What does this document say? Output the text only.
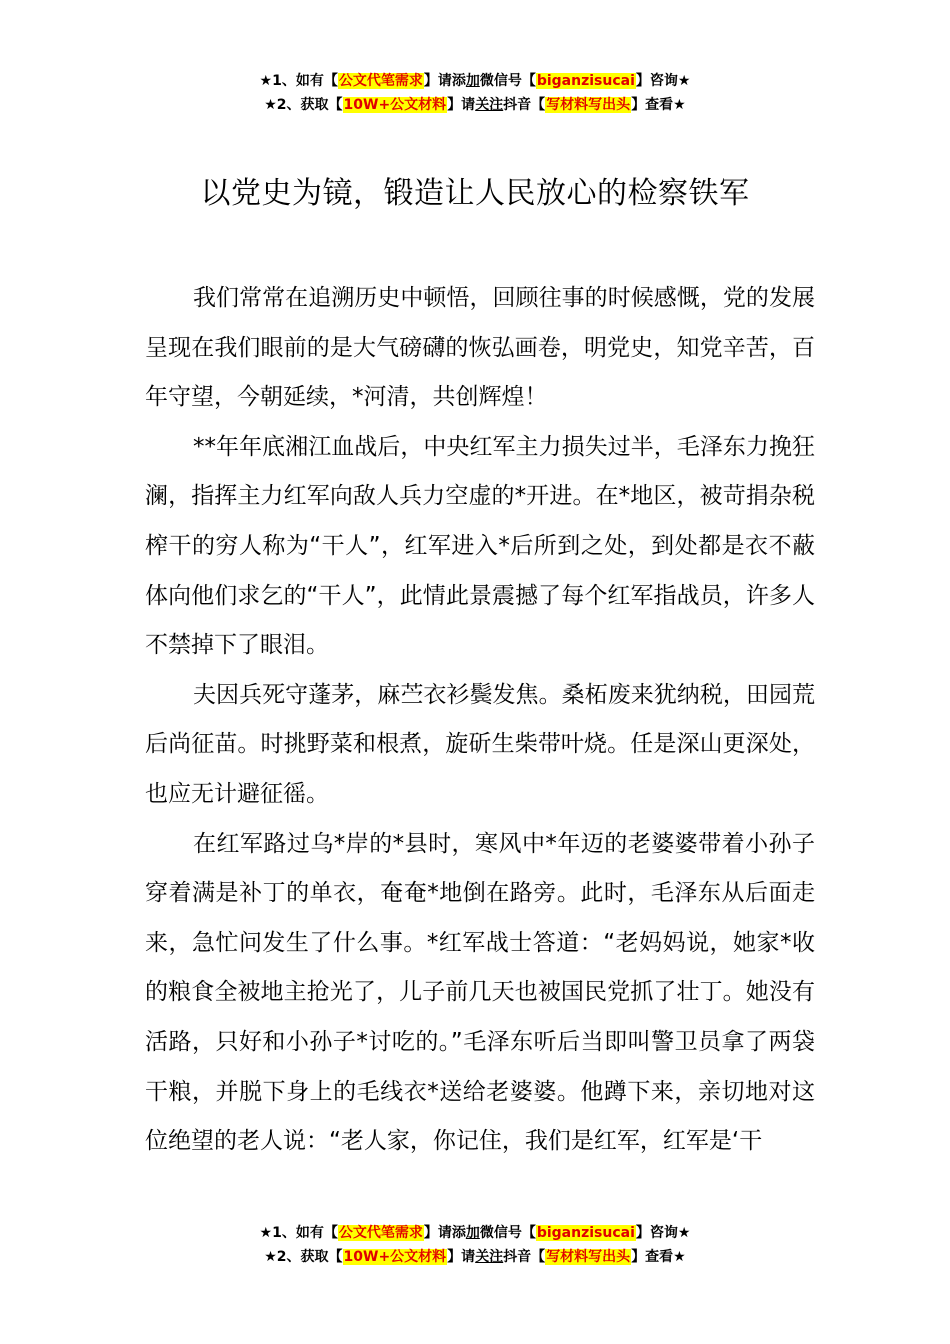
★1、如有【公文代笔需求】请添加微信号【biganzisucai】咨询★
★2、获取【10W+公文材料】请关注抖音【写材料写出头】查看★
以党史为镜，锻造让人民放心的检察铁军

我们常常在追溯历史中顿悟，回顾往事的时候感慨，党的发展呈现在我们眼前的是大气磅礴的恢弘画卷，明党史，知党辛苦，百年守望，今朝延续，*河清，共创辉煌！

**年年底湘江血战后，中央红军主力损失过半，毛泽东力挽狂澜，指挥主力红军向敌人兵力空虚的*开进。在*地区，被苛捐杂税榨干的穷人称为“干人”，红军进入*后所到之处，到处都是衣不蔽体向他们求乞的“干人”，此情此景震撼了每个红军指战员，许多人不禁掉下了眼泪。

夫因兵死守蓬茅，麻苎衣衫鬓发焦。桑柘废来犹纳税，田园荒后尚征苗。时挑野菜和根煮，旋斫生柴带叶烧。任是深山更深处，也应无计避征徭。

在红军路过乌*岸的*县时，寒风中*年迈的老婆婆带着小孙子穿着满是补丁的单衣，奄奄*地倒在路旁。此时，毛泽东从后面走来，急忙问发生了什么事。*红军战士答道：“老妈妈说，她家*收的粮食全被地主抢光了，儿子前几天也被国民党抓了壮丁。她没有活路，只好和小孙子*讨吃的。”毛泽东听后当即叫警卫员拿了两袋干粮，并脱下身上的毛线衣*送给老婆婆。他蹲下来，亲切地对这位绝望的老人说：“老人家，你记住，我们是红军，红军是‘干

★1、如有【公文代笔需求】请添加微信号【biganzisucai】咨询★
★2、获取【10W+公文材料】请关注抖音【写材料写出头】查看★
